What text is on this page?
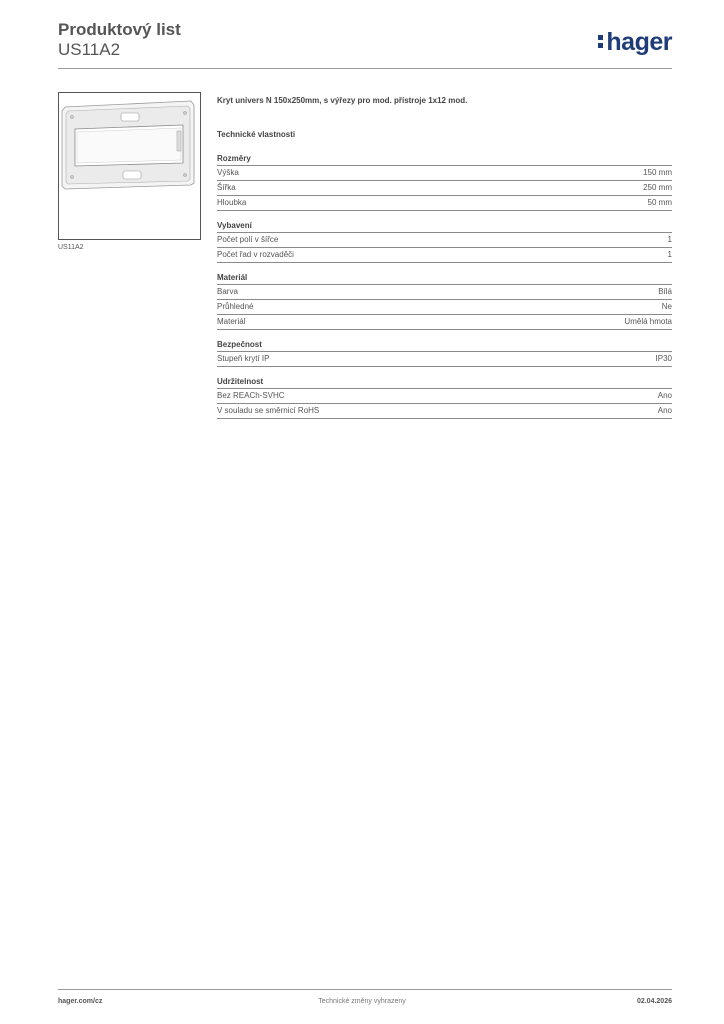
Produktový list
US11A2	hager
US11A2
Kryt univers N 150x250mm, s výřezy pro mod. přístroje 1x12 mod.
Technické vlastnosti
Rozměry
Výška	150 mm
Šířka	250 mm
Hloubka	50 mm
Vybavení
Počet polí v šířce	1
Počet řad v rozvaděči	1
Materiál
Barva	Bílá
Průhledné	Ne
Materiál	Umělá hmota
Bezpečnost
Stupeň krytí IP	IP30
Udržitelnost
Bez REACh-SVHC	Ano
V souladu se směrnicí RoHS	Ano
hager.com/cz	Technické změny vyhrazeny	02.04.2026
